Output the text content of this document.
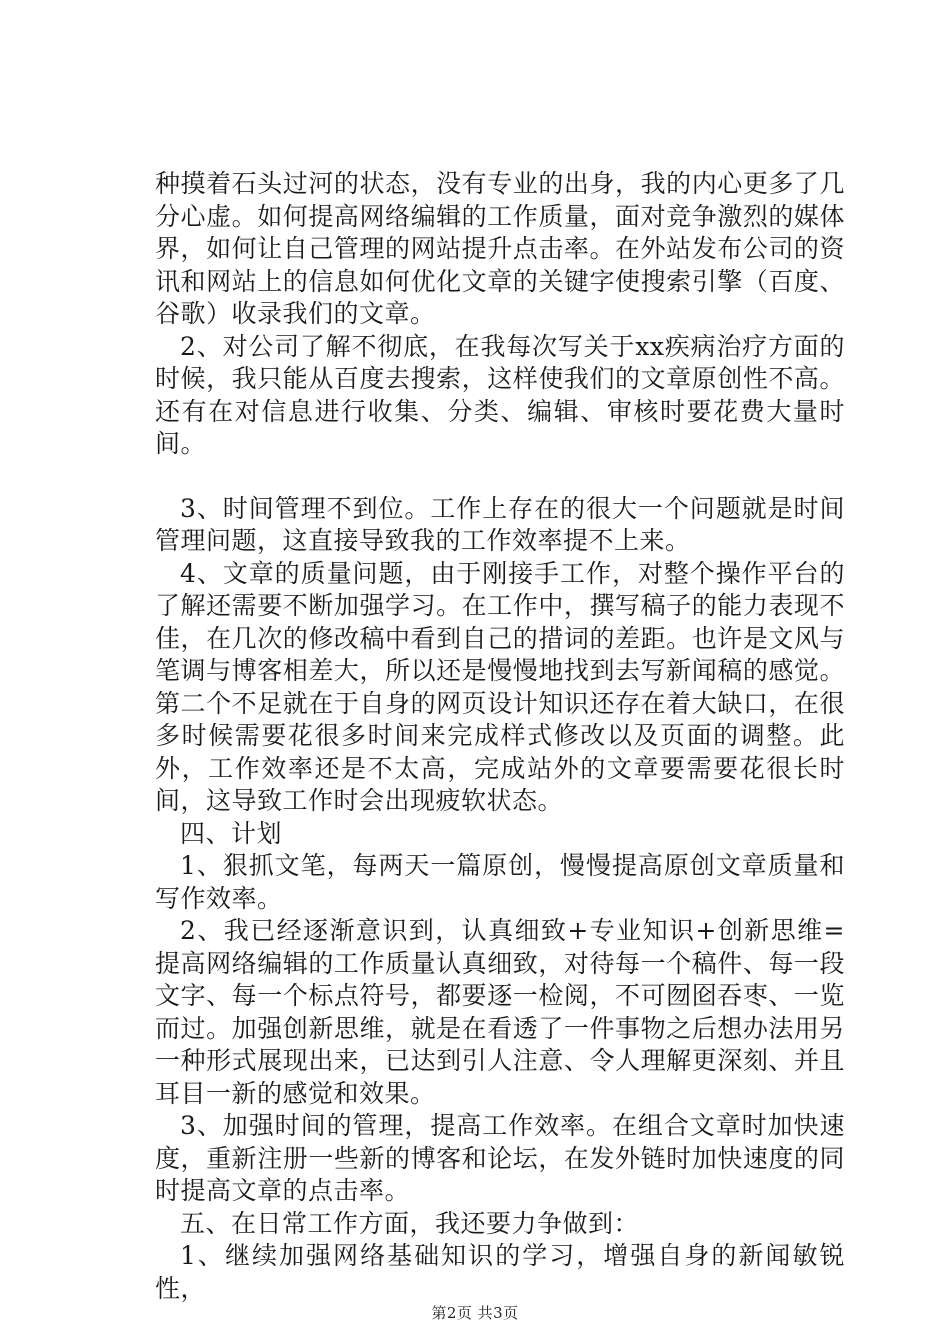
种摸着石头过河的状态，没有专业的出身，我的内心更多了几分心虚。如何提高网络编辑的工作质量，面对竞争激烈的媒体界，如何让自己管理的网站提升点击率。在外站发布公司的资讯和网站上的信息如何优化文章的关键字使搜索引擎（百度、谷歌）收录我们的文章。

2、对公司了解不彻底，在我每次写关于xx疾病治疗方面的时候，我只能从百度去搜索，这样使我们的文章原创性不高。还有在对信息进行收集、分类、编辑、审核时要花费大量时间。

3、时间管理不到位。工作上存在的很大一个问题就是时间管理问题，这直接导致我的工作效率提不上来。

4、文章的质量问题，由于刚接手工作，对整个操作平台的了解还需要不断加强学习。在工作中，撰写稿子的能力表现不佳，在几次的修改稿中看到自己的措词的差距。也许是文风与笔调与博客相差大，所以还是慢慢地找到去写新闻稿的感觉。第二个不足就在于自身的网页设计知识还存在着大缺口，在很多时候需要花很多时间来完成样式修改以及页面的调整。此外，工作效率还是不太高，完成站外的文章要需要花很长时间，这导致工作时会出现疲软状态。

四、计划

1、狠抓文笔，每两天一篇原创，慢慢提高原创文章质量和写作效率。

2、我已经逐渐意识到，认真细致+专业知识+创新思维=提高网络编辑的工作质量认真细致，对待每一个稿件、每一段文字、每一个标点符号，都要逐一检阅，不可囫囵吞枣、一览而过。加强创新思维，就是在看透了一件事物之后想办法用另一种形式展现出来，已达到引人注意、令人理解更深刻、并且耳目一新的感觉和效果。

3、加强时间的管理，提高工作效率。在组合文章时加快速度，重新注册一些新的博客和论坛，在发外链时加快速度的同时提高文章的点击率。

五、在日常工作方面，我还要力争做到：

1、继续加强网络基础知识的学习，增强自身的新闻敏锐性，

第2页 共3页
